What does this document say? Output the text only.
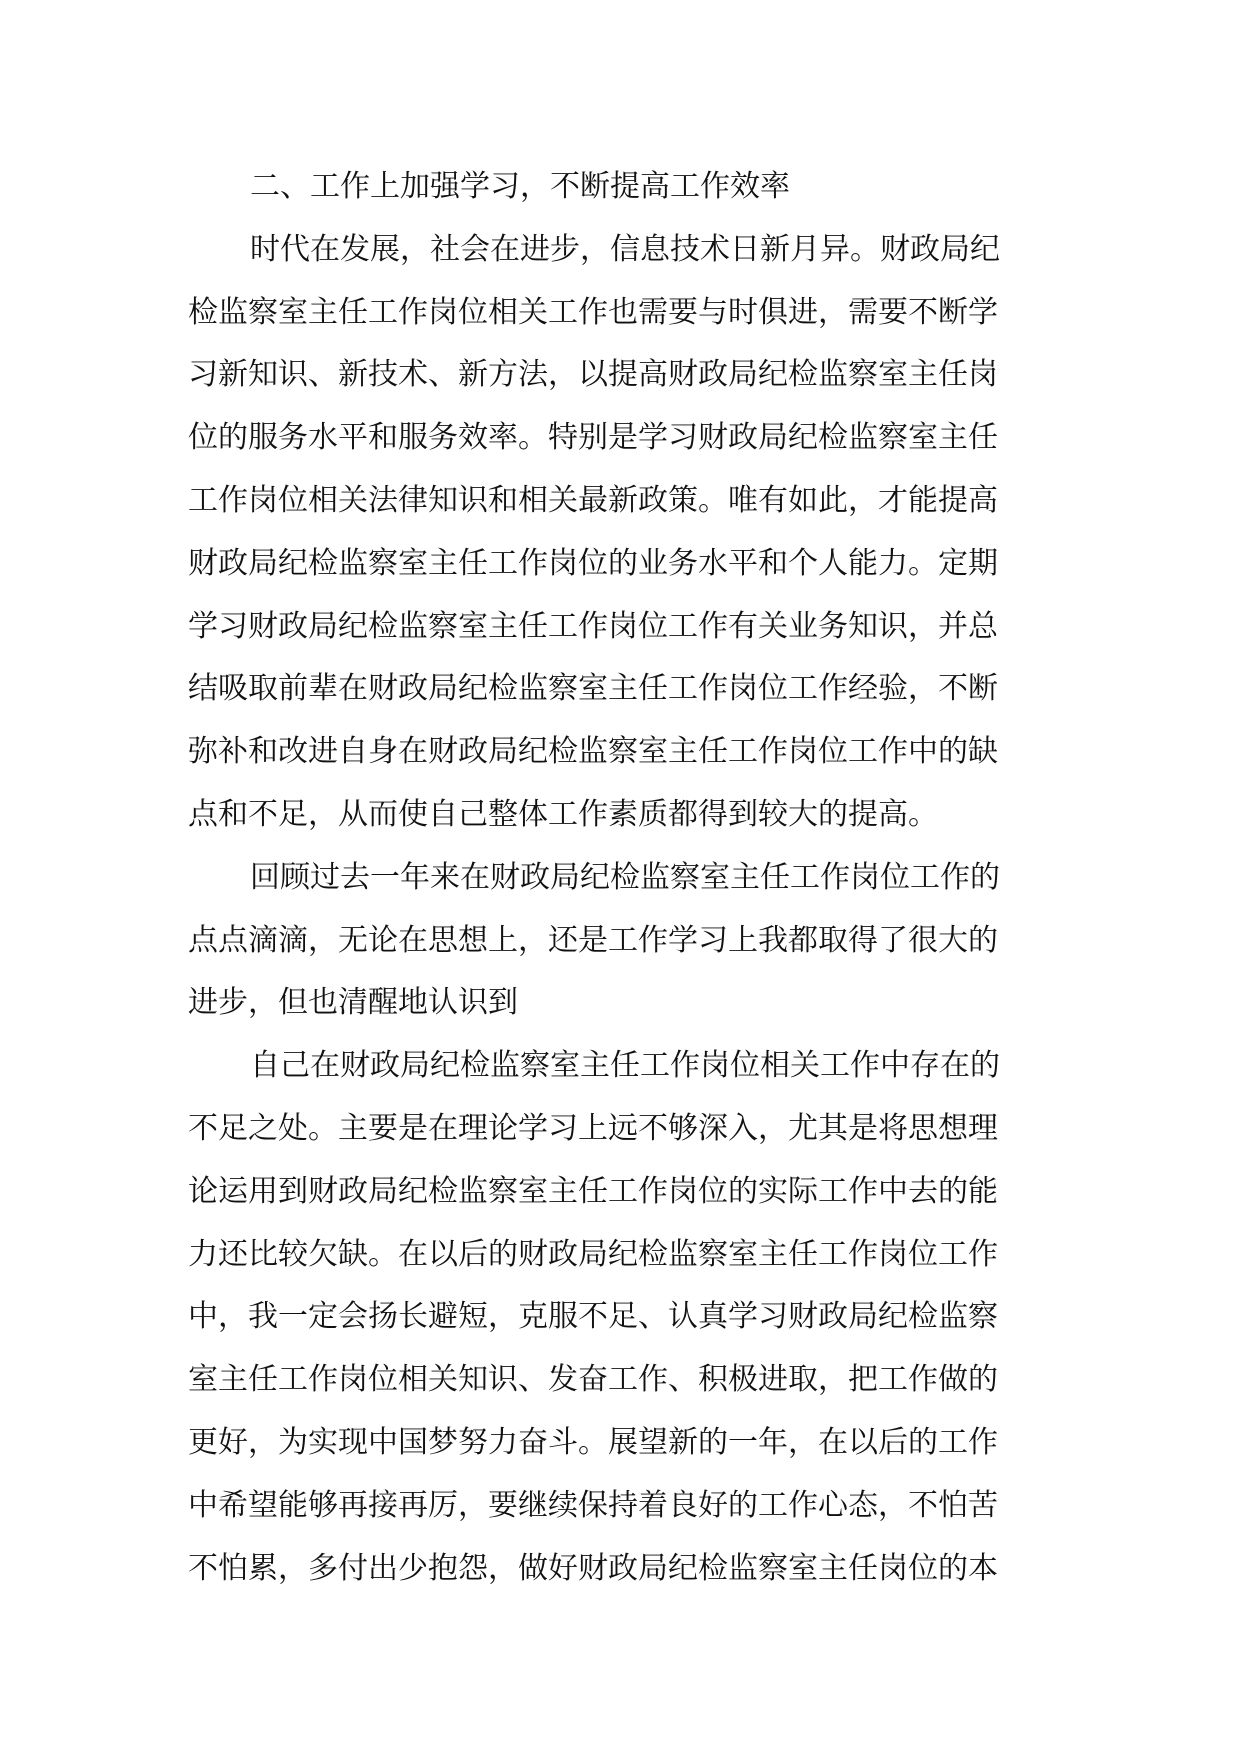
二、工作上加强学习，不断提高工作效率
时代在发展，社会在进步，信息技术日新月异。财政局纪
检监察室主任工作岗位相关工作也需要与时俱进，需要不断学
习新知识、新技术、新方法，以提高财政局纪检监察室主任岗
位的服务水平和服务效率。特别是学习财政局纪检监察室主任
工作岗位相关法律知识和相关最新政策。唯有如此，才能提高
财政局纪检监察室主任工作岗位的业务水平和个人能力。定期
学习财政局纪检监察室主任工作岗位工作有关业务知识，并总
结吸取前辈在财政局纪检监察室主任工作岗位工作经验，不断
弥补和改进自身在财政局纪检监察室主任工作岗位工作中的缺
点和不足，从而使自己整体工作素质都得到较大的提高。
回顾过去一年来在财政局纪检监察室主任工作岗位工作的
点点滴滴，无论在思想上，还是工作学习上我都取得了很大的
进步，但也清醒地认识到
自己在财政局纪检监察室主任工作岗位相关工作中存在的
不足之处。主要是在理论学习上远不够深入，尤其是将思想理
论运用到财政局纪检监察室主任工作岗位的实际工作中去的能
力还比较欠缺。在以后的财政局纪检监察室主任工作岗位工作
中，我一定会扬长避短，克服不足、认真学习财政局纪检监察
室主任工作岗位相关知识、发奋工作、积极进取，把工作做的
更好，为实现中国梦努力奋斗。展望新的一年，在以后的工作
中希望能够再接再厉，要继续保持着良好的工作心态，不怕苦
不怕累，多付出少抱怨，做好财政局纪检监察室主任岗位的本
